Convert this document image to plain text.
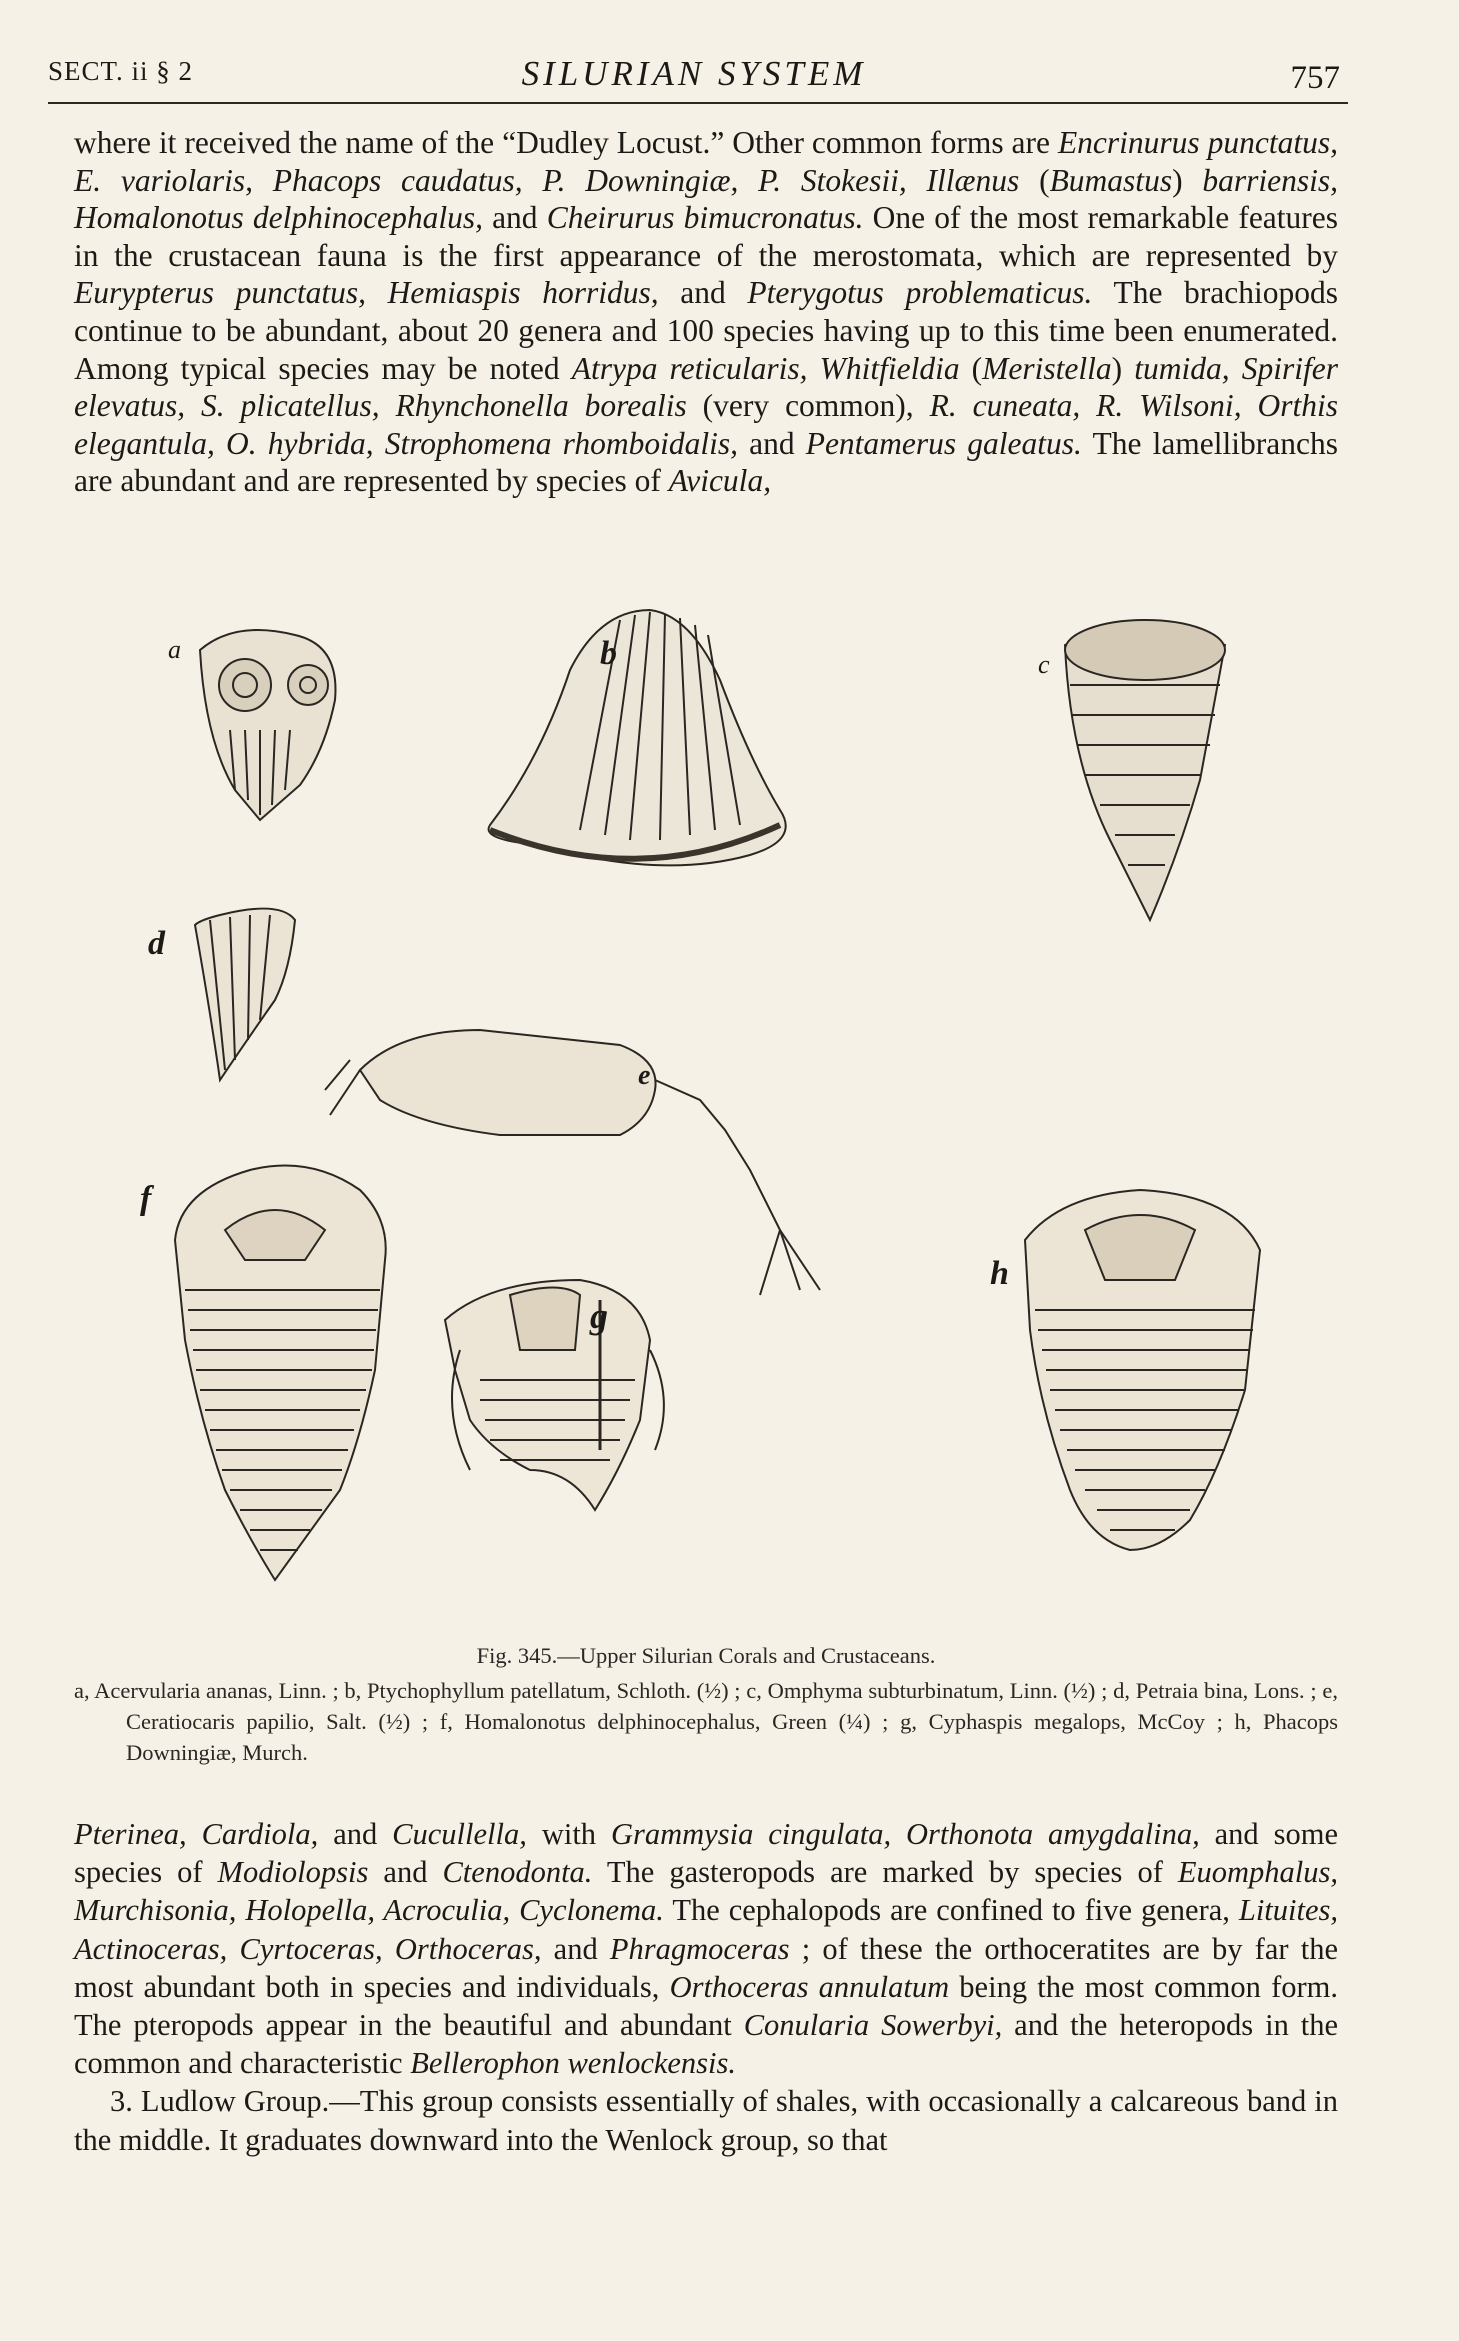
SECT. ii § 2	SILURIAN SYSTEM	757
where it received the name of the “Dudley Locust.” Other common forms are Encrinurus punctatus, E. variolaris, Phacops caudatus, P. Downingiæ, P. Stokesii, Illænus (Bumastus) barriensis, Homalonotus delphinocephalus, and Cheirurus bimucronatus. One of the most remarkable features in the crustacean fauna is the first appearance of the merostomata, which are represented by Eurypterus punctatus, Hemiaspis horridus, and Pterygotus problematicus. The brachiopods continue to be abundant, about 20 genera and 100 species having up to this time been enumerated. Among typical species may be noted Atrypa reticularis, Whitfieldia (Meristella) tumida, Spirifer elevatus, S. plicatellus, Rhynchonella borealis (very common), R. cuneata, R. Wilsoni, Orthis elegantula, O. hybrida, Strophomena rhomboidalis, and Pentamerus galeatus. The lamellibranchs are abundant and are represented by species of Avicula,
a	b	c
d
e
f
g
h
Fig. 345.—Upper Silurian Corals and Crustaceans.
a, Acervularia ananas, Linn. ; b, Ptychophyllum patellatum, Schloth. (½) ; c, Omphyma subturbinatum, Linn. (½) ; d, Petraia bina, Lons. ; e, Ceratiocaris papilio, Salt. (½) ; f, Homalonotus delphinocephalus, Green (¼) ; g, Cyphaspis megalops, McCoy ; h, Phacops Downingiæ, Murch.
Pterinea, Cardiola, and Cucullella, with Grammysia cingulata, Orthonota amygdalina, and some species of Modiolopsis and Ctenodonta. The gasteropods are marked by species of Euomphalus, Murchisonia, Holopella, Acroculia, Cyclonema. The cephalopods are confined to five genera, Lituites, Actinoceras, Cyrtoceras, Orthoceras, and Phragmoceras ; of these the orthoceratites are by far the most abundant both in species and individuals, Orthoceras annulatum being the most common form. The pteropods appear in the beautiful and abundant Conularia Sowerbyi, and the heteropods in the common and characteristic Bellerophon wenlockensis.
3. Ludlow Group.—This group consists essentially of shales, with occasionally a calcareous band in the middle. It graduates downward into the Wenlock group, so that
